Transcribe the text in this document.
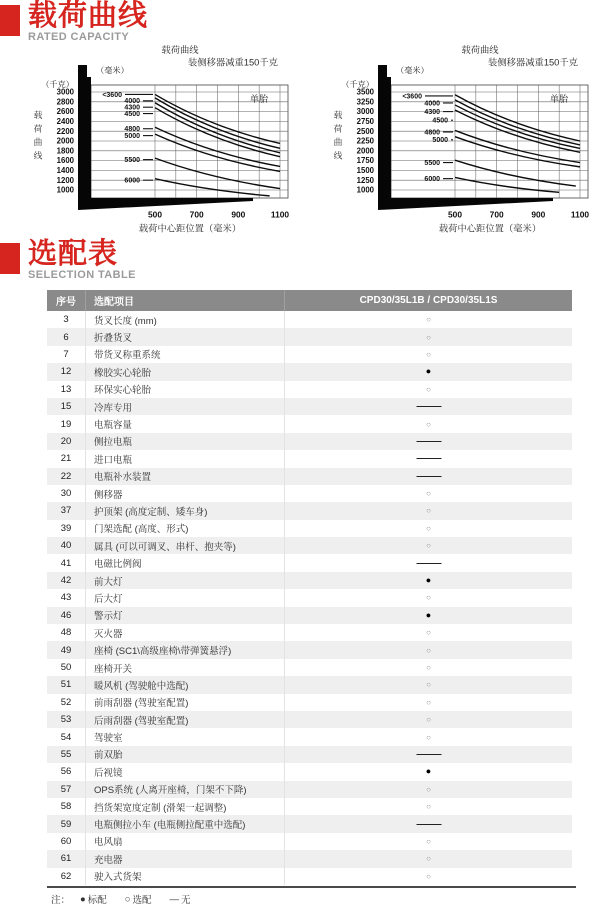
载荷曲线
RATED CAPACITY
<3600
4000
4300
4500
4800
5000
5500
6000
3000
2800
2600
2400
2200
2000
1800
1600
1400
1200
1000
（千克）
（毫米）
载荷曲线
装侧移器减重150千克
单胎
500	700	900	1100
载荷中心距位置（毫米）
载
荷
曲
线
<3600
4000
4300
4500
4800
5000
5500
6000
3500
3250
3000
2750
2500
2250
2000
1750
1500
1250
1000
（千克）
（毫米）
载荷曲线
装侧移器减重150千克
单胎
500	700	900	1100
载荷中心距位置（毫米）
载
荷
曲
线
选配表
SELECTION TABLE
序号	选配项目	CPD30/35L1B / CPD30/35L1S
3	货叉长度 (mm)	○
6	折叠货叉	○
7	带货叉称重系统	○
12	橡胶实心轮胎	●
13	环保实心轮胎	○
15	冷库专用	—
19	电瓶容量	○
20	侧拉电瓶	—
21	进口电瓶	—
22	电瓶补水装置	—
30	侧移器	○
37	护顶架 (高度定制、矮车身)	○
39	门架选配 (高度、形式)	○
40	属具 (可以可调叉、串杆、抱夹等)	○
41	电磁比例阀	—
42	前大灯	●
43	后大灯	○
46	警示灯	●
48	灭火器	○
49	座椅 (SC1\高级座椅\带弹簧悬浮)	○
50	座椅开关	○
51	暖风机 (驾驶舱中选配)	○
52	前雨刮器 (驾驶室配置)	○
53	后雨刮器 (驾驶室配置)	○
54	驾驶室	○
55	前双胎	—
56	后视镜	●
57	OPS系统 (人离开座椅，门架不下降)	○
58	挡货架宽度定制 (滑架一起调整)	○
59	电瓶侧拉小车 (电瓶侧拉配重中选配)	—
60	电风扇	○
61	充电器	○
62	驶入式货架	○
注： ● 标配 ○ 选配 — 无
